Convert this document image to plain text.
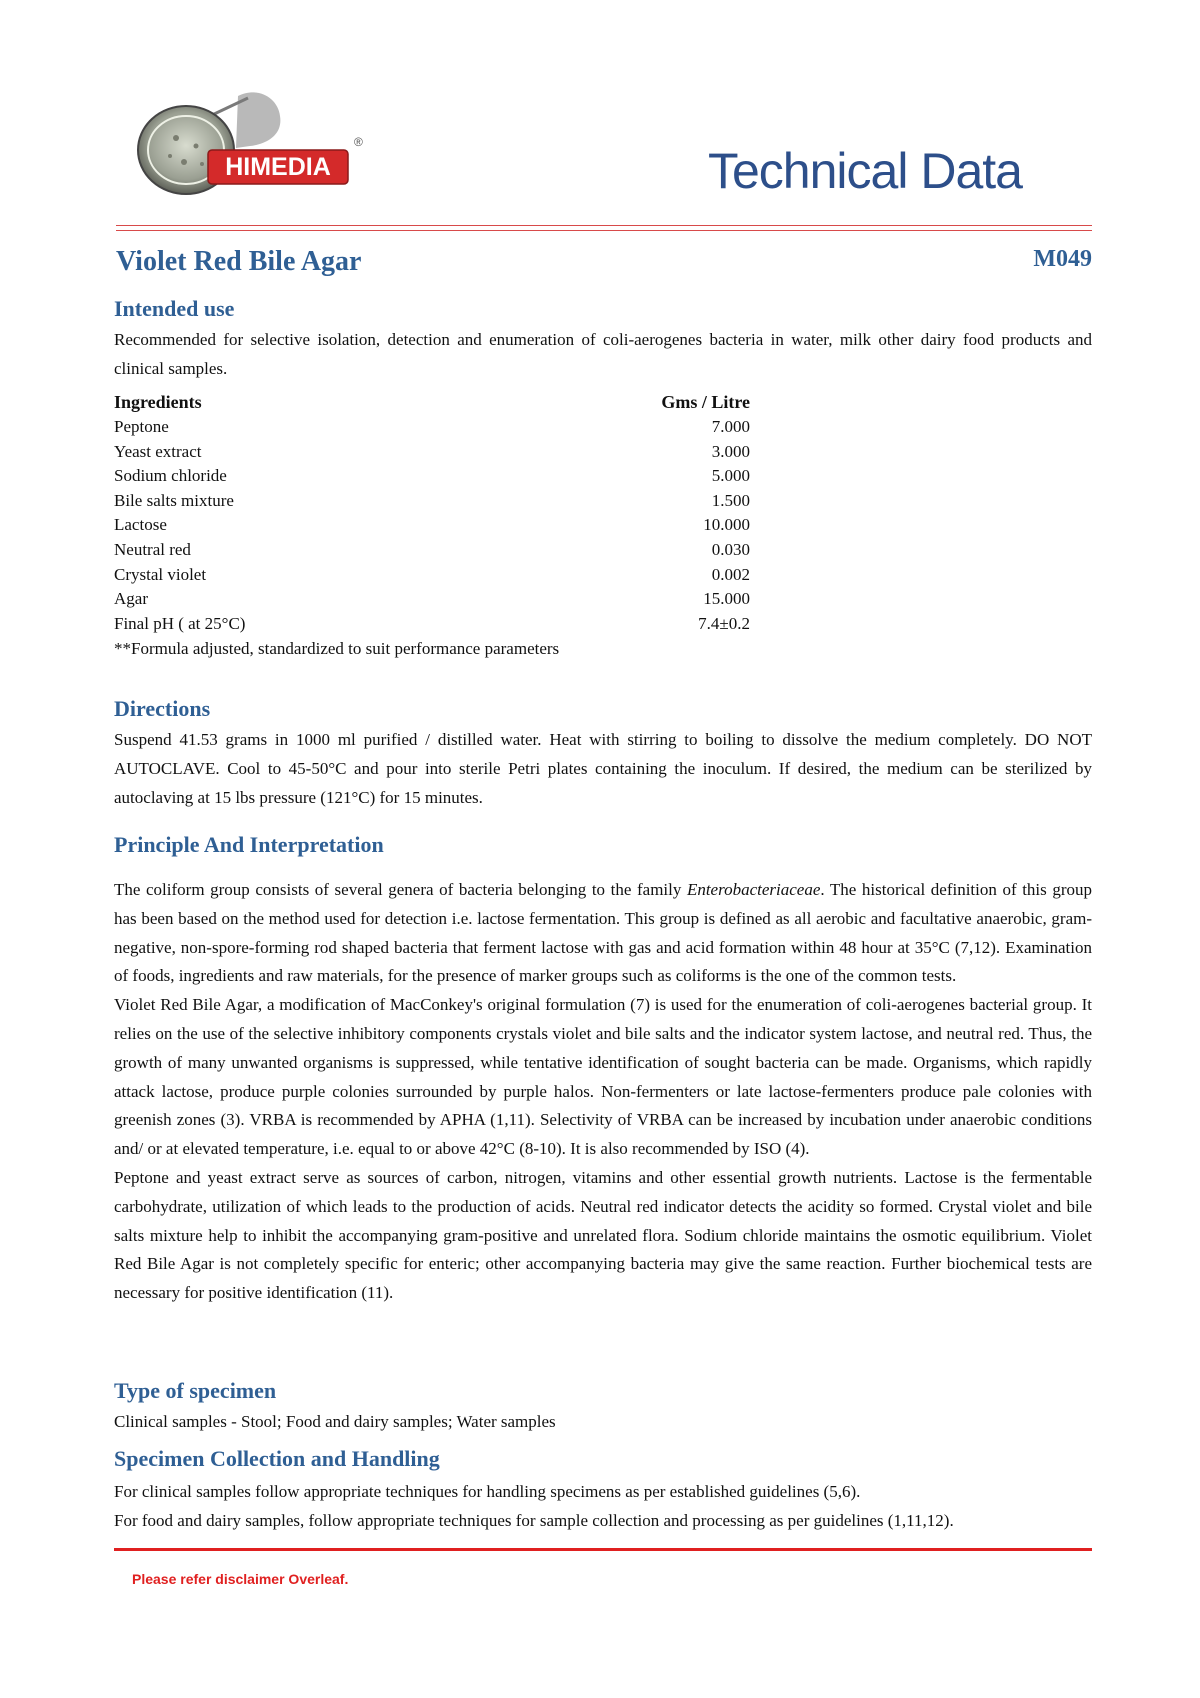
HIMEDIA
®
Technical Data
Violet Red Bile Agar	M049
Intended use

Recommended for selective isolation, detection and enumeration of coli-aerogenes bacteria in water, milk other dairy food products and clinical samples.

Ingredients	Gms / Litre
Peptone	7.000
Yeast extract	3.000
Sodium chloride	5.000
Bile salts mixture	1.500
Lactose	10.000
Neutral red	0.030
Crystal violet	0.002
Agar	15.000
Final pH ( at 25°C)	7.4±0.2
**Formula adjusted, standardized to suit performance parameters
Directions

Suspend 41.53 grams in 1000 ml purified / distilled water. Heat with stirring to boiling to dissolve the medium completely. DO NOT AUTOCLAVE. Cool to 45-50°C and pour into sterile Petri plates containing the inoculum. If desired, the medium can be sterilized by autoclaving at 15 lbs pressure (121°C) for 15 minutes.

Principle And Interpretation

The coliform group consists of several genera of bacteria belonging to the family Enterobacteriaceae. The historical definition of this group has been based on the method used for detection i.e. lactose fermentation. This group is defined as all aerobic and facultative anaerobic, gram-negative, non-spore-forming rod shaped bacteria that ferment lactose with gas and acid formation within 48 hour at 35°C (7,12). Examination of foods, ingredients and raw materials, for the presence of marker groups such as coliforms is the one of the common tests.

Violet Red Bile Agar, a modification of MacConkey's original formulation (7) is used for the enumeration of coli-aerogenes bacterial group. It relies on the use of the selective inhibitory components crystals violet and bile salts and the indicator system lactose, and neutral red. Thus, the growth of many unwanted organisms is suppressed, while tentative identification of sought bacteria can be made. Organisms, which rapidly attack lactose, produce purple colonies surrounded by purple halos. Non-fermenters or late lactose-fermenters produce pale colonies with greenish zones (3). VRBA is recommended by APHA (1,11). Selectivity of VRBA can be increased by incubation under anaerobic conditions and/ or at elevated temperature, i.e. equal to or above 42°C (8-10). It is also recommended by ISO (4).

Peptone and yeast extract serve as sources of carbon, nitrogen, vitamins and other essential growth nutrients. Lactose is the fermentable carbohydrate, utilization of which leads to the production of acids. Neutral red indicator detects the acidity so formed. Crystal violet and bile salts mixture help to inhibit the accompanying gram-positive and unrelated flora. Sodium chloride maintains the osmotic equilibrium. Violet Red Bile Agar is not completely specific for enteric; other accompanying bacteria may give the same reaction. Further biochemical tests are necessary for positive identification (11).

Type of specimen

Clinical samples - Stool; Food and dairy samples; Water samples

Specimen Collection and Handling

For clinical samples follow appropriate techniques for handling specimens as per established guidelines (5,6).

For food and dairy samples, follow appropriate techniques for sample collection and processing as per guidelines (1,11,12).

Please refer disclaimer Overleaf.
